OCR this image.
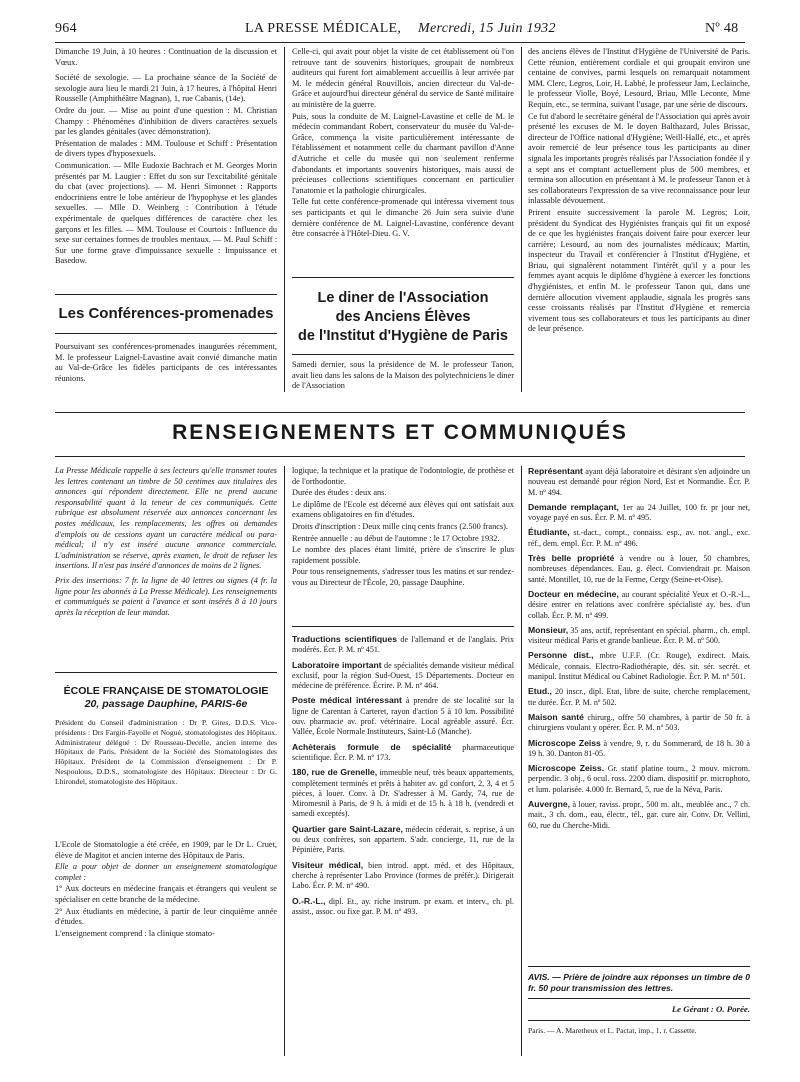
964	LA PRESSE MÉDICALE, Mercredi, 15 Juin 1932	Nº 48

Dimanche 19 Juin, à 10 heures : Continuation de la discussion et Vœux.

Société de sexologie. — La prochaine séance de la Société de sexologie aura lieu le mardi 21 Juin, à 17 heures, à l'hôpital Henri Rousselle (Amphithéâtre Magnan), 1, rue Cabanis, (14e).

Ordre du jour. — Mise au point d'une question : M. Christian Champy : Phénomènes d'inhibition de divers caractères sexuels par les glandes génitales (avec démonstration).

Présentation de malades : MM. Toulouse et Schiff : Présentation de divers types d'hyposexuels.

Communication. — Mlle Eudoxie Bachrach et M. Georges Morin présentés par M. Laugier : Effet du son sur l'excitabilité génitale du chat (avec projections). — M. Henri Simonnet : Rapports endocriniens entre le lobe antérieur de l'hypophyse et les glandes sexuelles. — Mlle D. Weinberg : Contribution à l'étude expérimentale de quelques différences de caractère chez les garçons et les filles. — MM. Toulouse et Courtois : Influence du sexe sur certaines formes de troubles mentaux. — M. Paul Schiff : Sur une forme grave d'impuissance sexuelle : Impuissance et Basedow.

Les Conférences-promenades

Poursuivant ses conférences-promenades inaugurées récemment, M. le professeur Laignel-Lavastine avait convié dimanche matin au Val-de-Grâce les fidèles participants de ces intéressantes réunions.

Celle-ci, qui avait pour objet la visite de cet établissement où l'on retrouve tant de souvenirs historiques, groupait de nombreux auditeurs qui furent fort aimablement accueillis à leur arrivée par M. le médecin général Rouvillois, ancien directeur du Val-de-Grâce et aujourd'hui directeur général du service de Santé militaire au ministère de la guerre.

Puis, sous la conduite de M. Laignel-Lavastine et celle de M. le médecin commandant Robert, conservateur du musée du Val-de-Grâce, commença la visite particulièrement intéressante de l'établissement et notamment celle du charmant pavillon d'Anne d'Autriche et celle du musée qui non seulement renferme d'abondants et importants souvenirs historiques, mais aussi de précieuses collections scientifiques concernant en particulier l'anatomie et la pathologie chirurgicales.

Telle fut cette conférence-promenade qui intéressa vivement tous ses participants et qui le dimanche 26 Juin sera suivie d'une dernière conférence de M. Laignel-Lavastine, conférence devant être consacrée à l'Hôtel-Dieu. G. V.

Le diner de l'Association
des Anciens Élèves
de l'Institut d'Hygiène de Paris

Samedi dernier, sous la présidence de M. le professeur Tanon, avait lieu dans les salons de la Maison des polytechniciens le diner de l'Association

des anciens élèves de l'Institut d'Hygiène de l'Université de Paris. Cette réunion, entièrement cordiale et qui groupait environ une centaine de convives, parmi lesquels on remarquait notamment MM. Clerc, Legros, Loir, H. Labbé, le professeur Jam, Leclainche, le professeur Violle, Boyé, Lesourd, Briau, Mlle Leconte, Mme Requin, etc., se termina, suivant l'usage, par une série de discours.

Ce fut d'abord le secrétaire général de l'Association qui après avoir présenté les excuses de M. le doyen Balthazard, Jules Brissac, directeur de l'Office national d'Hygiène; Weill-Hallé, etc., et après avoir remercié de leur présence tous les participants au diner signala les importants progrès réalisés par l'Association fondée il y a sept ans et comptant actuellement plus de 500 membres, et termina son allocution en présentant à M. le professeur Tanon et à ses collaborateurs l'expression de sa vive reconnaissance pour leur inlassable dévouement.

Prirent ensuite successivement la parole M. Legros; Loir, président du Syndicat des Hygiénistes français qui fit un exposé de ce que les hygiénistes français doivent faire pour exercer leur carrière; Lesourd, au nom des journalistes médicaux; Martin, inspecteur du Travail et conférencier à l'Institut d'Hygiène, et Briau, qui signalèrent notamment l'intérêt qu'il y a pour les femmes ayant acquis le diplôme d'hygiène à exercer les fonctions d'hygiénistes, et enfin M. le professeur Tanon qui, dans une dernière allocution vivement applaudie, signala les progrès sans cesse croissants réalisés par l'Institut d'Hygiène et remercia vivement tous ses collaborateurs et tous les participants au diner de leur présence.

RENSEIGNEMENTS ET COMMUNIQUÉS

La Presse Médicale rappelle à ses lecteurs qu'elle transmet toutes les lettres contenant un timbre de 50 centimes aux titulaires des annonces qui répondent directement. Elle ne prend aucune responsabilité quant à la teneur de ces communiqués. Cette rubrique est absolument réservée aux annonces concernant les postes médicaux, les remplacements, les offres ou demandes d'emplois ou de cessions ayant un caractère médical ou para-médical; il n'y est inséré aucune annonce commerciale. L'administration se réserve, après examen, le droit de refuser les insertions. Il n'est pas inséré d'annonces de moins de 2 lignes.

Prix des insertions: 7 fr. la ligne de 40 lettres ou signes (4 fr. la ligne pour les abonnés à La Presse Médicale). Les renseignements et communiqués se paient à l'avance et sont insérés 8 à 10 jours après la réception de leur mandat.

ÉCOLE FRANÇAISE DE STOMATOLOGIE
20, passage Dauphine, PARIS-6e

Président du Conseil d'administration : Dr P. Gires, D.D.S. Vice-présidents : Drs Fargin-Fayolle et Nogué, stomatologistes des Hôpitaux. Administrateur délégué : Dr Rousseau-Decelle, ancien interne des Hôpitaux de Paris, Président de la Société des Stomatologistes des Hôpitaux. Président de la Commission d'enseignement : Dr P. Nespoulous, D.D.S., stomatologiste des Hôpitaux. Directeur : Dr G. Lhirondel, stomatologiste des Hôpitaux.

L'Ecole de Stomatologie a été créée, en 1909, par le Dr L. Cruet, élève de Magitot et ancien interne des Hôpitaux de Paris.

Elle a pour objet de donner un enseignement stomatologique complet :

1° Aux docteurs en médecine français et étrangers qui veulent se spécialiser en cette branche de la médecine.

2° Aux étudiants en médecine, à partir de leur cinquième année d'études.

L'enseignement comprend : la clinique stomato-

logique, la technique et la pratique de l'odontologie, de prothèse et de l'orthodontie.

Durée des études : deux ans.

Le diplôme de l'Ecole est décerné aux élèves qui ont satisfait aux examens obligatoires en fin d'études.

Droits d'inscription : Deux mille cinq cents francs (2.500 francs).

Rentrée annuelle : au début de l'automne : le 17 Octobre 1932.

Le nombre des places étant limité, prière de s'inscrire le plus rapidement possible.

Pour tous renseignements, s'adresser tous les matins et sur rendez-vous au Directeur de l'École, 20, passage Dauphine.

Traductions scientifiques de l'allemand et de l'anglais. Prix modérés. Écr. P. M. nº 451.

Laboratoire important de spécialités demande visiteur médical exclusif, pour la région Sud-Ouest, 15 Départements. Docteur en médecine de préférence. Écrire. P. M. nº 464.

Poste médical intéressant à prendre de ste localité sur la ligne de Carentan à Carteret, rayon d'action 5 à 10 km. Possibilité ouv. pharmacie av. prof. vétérinaire. Local agréable assuré. Écr. Vallée, École Normale Instituteurs, Saint-Lô (Manche).

Achèterais formule de spécialité pharmaceutique scientifique. Écr. P. M. nº 173.

180, rue de Grenelle, immeuble neuf, très beaux appartements, complètement terminés et prêts à habiter av. gd confort, 2, 3, 4 et 5 pièces, à louer. Conv. à Dr. S'adresser à M. Gardy, 74, rue de Miromesnil à Paris, de 9 h. à midi et de 15 h. à 18 h. (vendredi et samedi exceptés).

Quartier gare Saint-Lazare, médecin céderait, s. reprise, à un ou deux confrères, son appartem. S'adr. concierge, 11, rue de la Pépinière, Paris.

Visiteur médical, bien introd. appt. méd. et des Hôpitaux, cherche à représenter Labo Province (formes de préfér.). Dirigerait Labo. Écr. P. M. nº 490.

O.-R.-L., dipl. Et., ay. riche instrum. pr exam. et interv., ch. pl. assist., assoc. ou fixe gar. P. M. nº 493.

Représentant ayant déjà laboratoire et désirant s'en adjoindre un nouveau est demandé pour région Nord, Est et Normandie. Écr. P. M. nº 494.

Demande remplaçant, 1er au 24 Juillet, 100 fr. pr jour net, voyage payé en sus. Écr. P. M. nº 495.

Étudiante, st.-dact., compt., connaiss. esp., av. not. angl., exc. réf., dem. empl. Écr. P. M. nº 496.

Très belle propriété à vendre ou à louer, 50 chambres, nombreuses dépendances. Eau, g. élect. Conviendrait pr. Maison santé. Montillet, 10, rue de la Ferme, Cergy (Seine-et-Oise).

Docteur en médecine, au courant spécialité Yeux et O.-R.-L., désire entrer en relations avec confrère spécialiste ay. bes. d'un collab. Écr. P. M. nº 499.

Monsieur, 35 ans, actif, représentant en spécial. pharm., ch. empl. visiteur médical Paris et grande banlieue. Écr. P. M. nº 500.

Personne dist., mbre U.F.F. (Cr. Rouge), exdirect. Mais. Médicale, connais. Electro-Radiothérapie, dés. sit. sér. secrét. et manipul. Institut Médical ou Cabinet Radiologie. Écr. P. M. nº 501.

Etud., 20 inscr., dipl. Etat, libre de suite, cherche remplacement, tte durée. Écr. P. M. nº 502.

Maison santé chirurg., offre 50 chambres, à partir de 50 fr. à chirurgiens voulant y opérer. Écr. P. M. nº 503.

Microscope Zeiss à vendre, 9, r. du Sommerard, de 18 h. 30 à 19 h. 30. Danton 81-05.

Microscope Zeiss. Gr. statif platine tourn., 2 mouv. microm. perpendic. 3 obj., 6 ocul. ross. 2200 diam. dispositif pr. microphoto, et lum. polarisée. 4.000 fr. Bernard, 5, rue de la Néva, Paris.

Auvergne, à louer, raviss. propr., 500 m. alt., meublée anc., 7 ch. mait., 3 ch. dom., eau, électr., tél., gar. cure air. Conv. Dr. Vellini, 60, rue du Cherche-Midi.

AVIS. — Prière de joindre aux réponses un timbre de 0 fr. 50 pour transmission des lettres.

Le Gérant : O. Porée.
Paris. — A. Maretheux et L. Pactat, imp., 1, r. Cassette.
